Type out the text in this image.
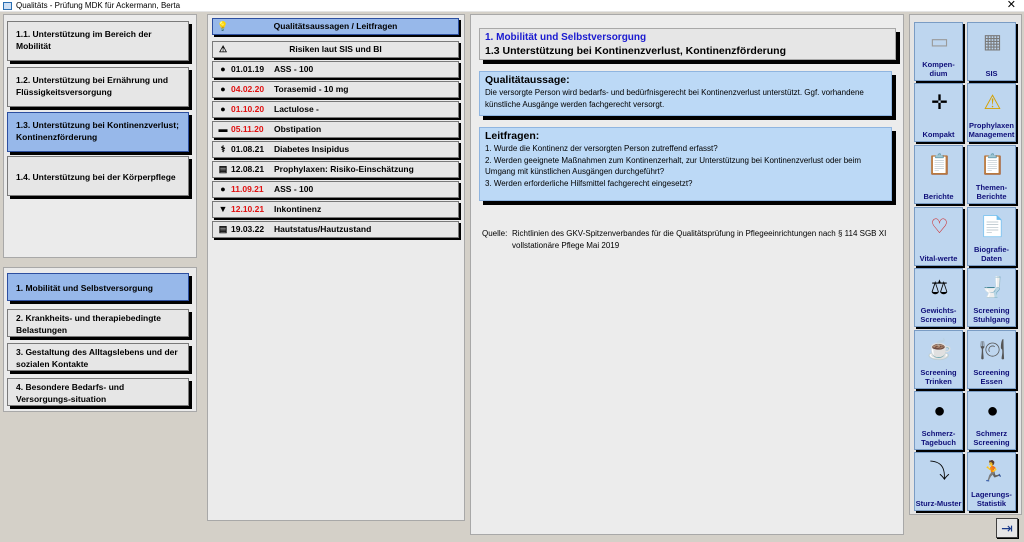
Qualitäts - Prüfung MDK für Ackermann, Berta	✕
1.1. Unterstützung im Bereich der Mobilität
1.2. Unterstützung bei Ernährung und Flüssigkeitsversorgung
1.3. Unterstützung bei Kontinenzverlust; Kontinenzförderung
1.4. Unterstützung bei der Körperpflege
1. Mobilität und Selbstversorgung
2. Krankheits- und therapiebedingte Belastungen
3. Gestaltung des Alltagslebens und der sozialen Kontakte
4. Besondere Bedarfs- und Versorgungs-situation
1. Mobilität und Selbstversorgung
1.3 Unterstützung bei Kontinenzverlust, Kontinenzförderung
Qualitätaussage:
Die versorgte Person wird bedarfs- und bedürfnisgerecht bei Kontinenzverlust unterstützt. Ggf. vorhandene künstliche Ausgänge werden fachgerecht versorgt.
Leitfragen:
1. Wurde die Kontinenz der versorgten Person zutreffend erfasst?
2. Werden geeignete Maßnahmen zum Kontinenzerhalt, zur Unterstützung bei Kontinenzverlust oder beim Umgang mit künstlichen Ausgängen durchgeführt?
3. Werden erforderliche Hilfsmittel fachgerecht eingesetzt?
Quelle: Richtlinien des GKV-Spitzenverbandes für die Qualitätsprüfung in Pflegeeinrichtungen nach § 114 SGB XI vollstationäre Pflege Mai 2019
⇥
💡	Qualitätsaussagen / Leitfragen
⚠	Risiken laut SIS und BI
● 01.01.19 ASS - 100
● 04.02.20 Torasemid - 10 mg
● 01.10.20 Lactulose -
▬ 05.11.20 Obstipation
⚕ 01.08.21 Diabetes Insipidus
▤ 12.08.21 Prophylaxen: Risiko-Einschätzung
● 11.09.21 ASS - 100
▼ 12.10.21 Inkontinenz
▤ 19.03.22 Hautstatus/Hautzustand
▭
Kompen-dium
▦
SIS
✛
Kompakt
⚠
Prophylaxen Management
📋
Berichte
📋
Themen-Berichte
♡
Vital-werte
📄
Biografie-Daten
⚖
Gewichts-Screening
🚽
Screening Stuhlgang
☕
Screening Trinken
🍽
Screening Essen
●
Schmerz-Tagebuch
●
Schmerz Screening
⤵
Sturz-Muster
🏃
Lagerungs-Statistik
